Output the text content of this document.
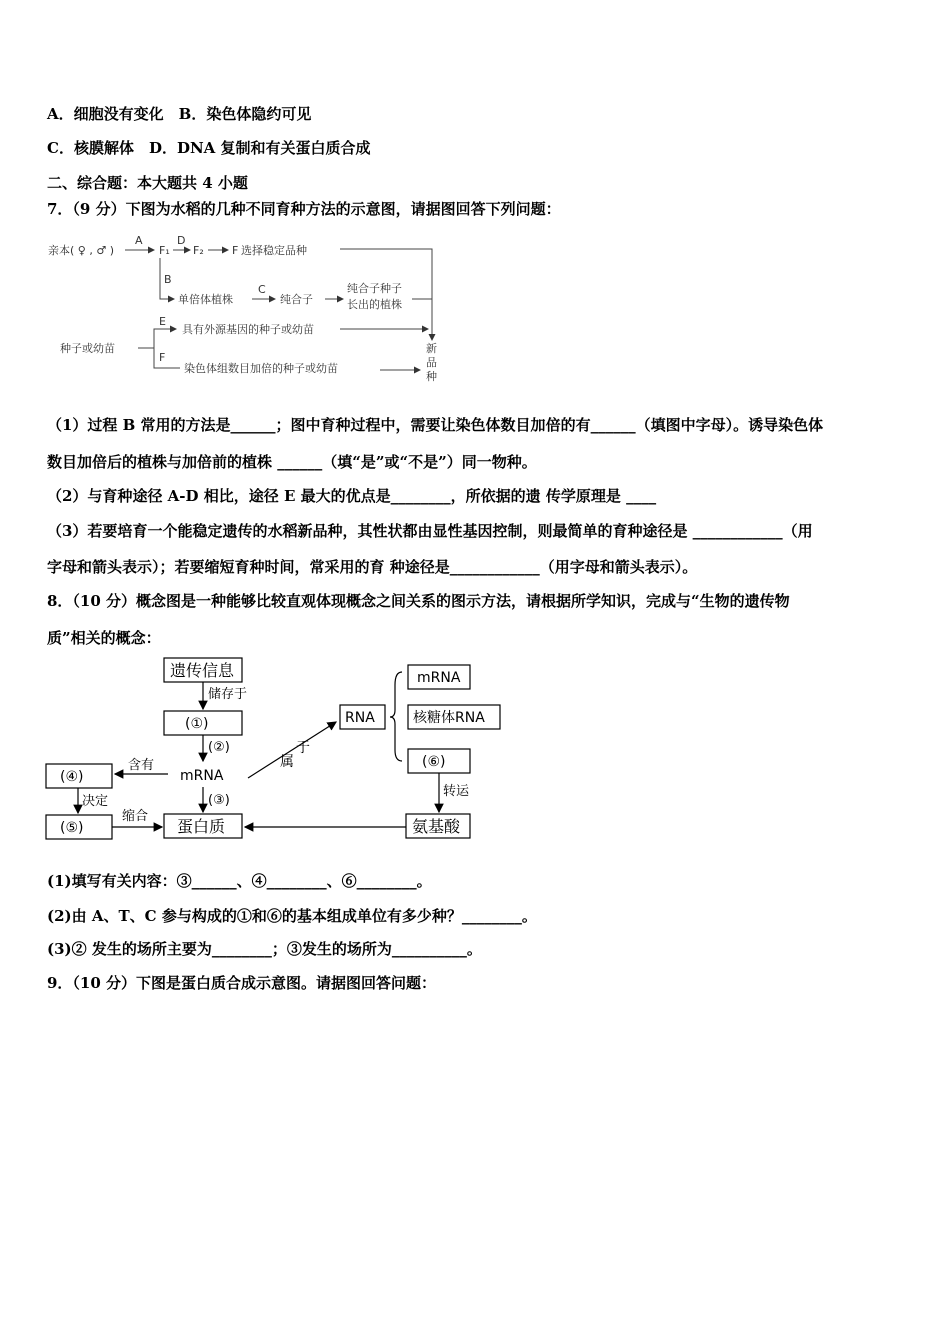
A．细胞没有变化　B．染色体隐约可见
C．核膜解体　D．DNA 复制和有关蛋白质合成
二、综合题：本大题共 4 小题
7．（9 分）下图为水稻的几种不同育种方法的示意图，请据图回答下列问题：
亲本( ♀ , ♂ )
A
F₁
D
F₂	F 选择稳定品种
B
单倍体植株
C
纯合子
纯合子种子
长出的植株
种子或幼苗
E
具有外源基因的种子或幼苗
F
染色体组数目加倍的种子或幼苗
新
品
种
（1）过程 B 常用的方法是______；图中育种过程中，需要让染色体数目加倍的有______（填图中字母）。诱导染色体
数目加倍后的植株与加倍前的植株 ______（填“是”或“不是”）同一物种。
（2）与育种途径 A-D 相比，途径 E 最大的优点是________，所依据的遗 传学原理是 ____
（3）若要培育一个能稳定遗传的水稻新品种，其性状都由显性基因控制，则最简单的育种途径是 ____________（用
字母和箭头表示）；若要缩短育种时间，常采用的育 种途径是____________（用字母和箭头表示）。
8．（10 分）概念图是一种能够比较直观体现概念之间关系的图示方法，请根据所学知识，完成与“生物的遗传物
质”相关的概念：
遗传信息
储存于
(①)
(②)
mRNA
(③)
蛋白质
含有
(④)
决定
(⑤)
缩合
属
于
RNA
mRNA
核糖体RNA
(⑥)
转运
氨基酸
(1)填写有关内容：③______、④________、⑥________。
(2)由 A、T、C 参与构成的①和⑥的基本组成单位有多少种？________。
(3)② 发生的场所主要为________；③发生的场所为__________。
9．（10 分）下图是蛋白质合成示意图。请据图回答问题：
